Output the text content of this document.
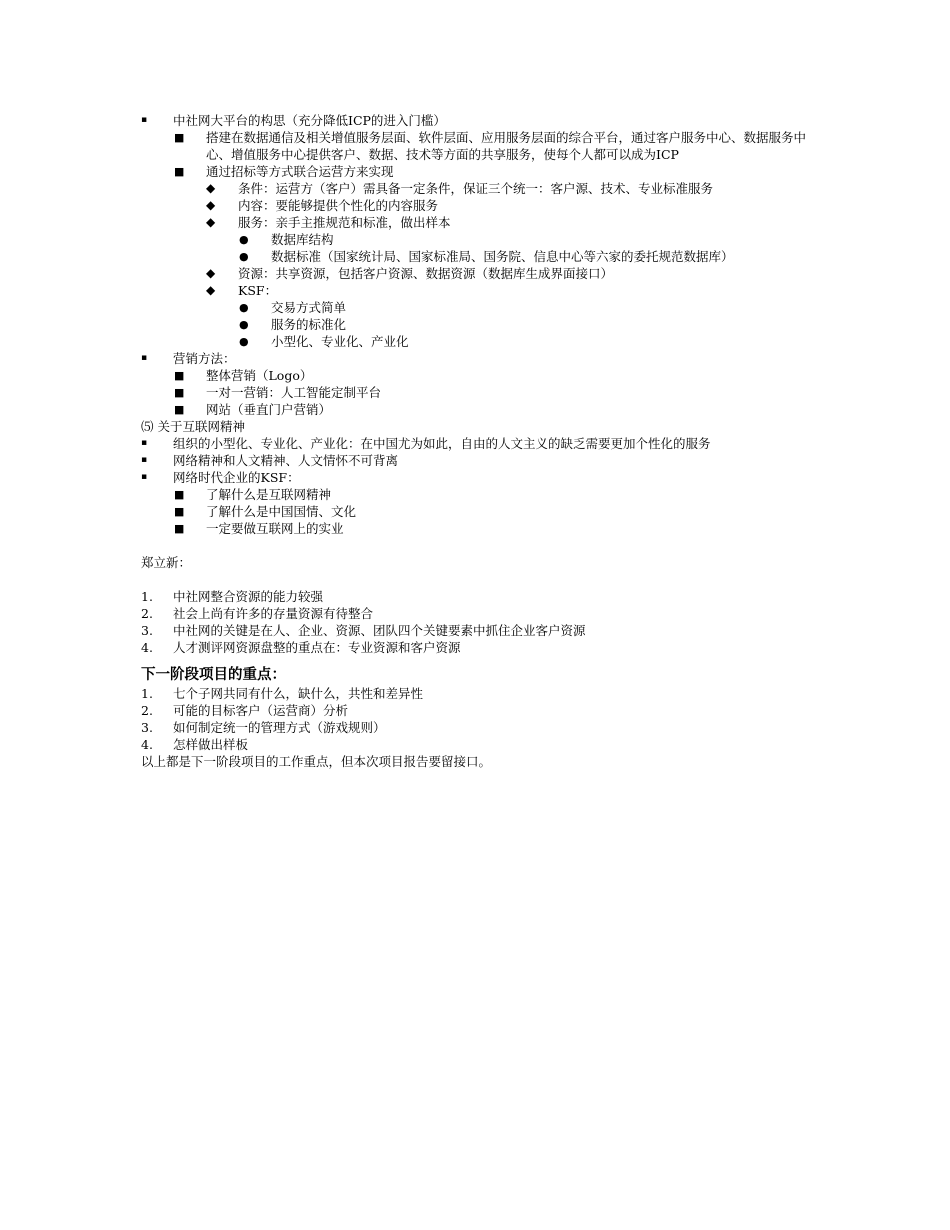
▪	中社网大平台的构思（充分降低ICP的进入门槛）
■	搭建在数据通信及相关增值服务层面、软件层面、应用服务层面的综合平台，通过客户服务中心、数据服务中心、增值服务中心提供客户、数据、技术等方面的共享服务，使每个人都可以成为ICP
■	通过招标等方式联合运营方来实现
◆	条件：运营方（客户）需具备一定条件，保证三个统一：客户源、技术、专业标准服务
◆	内容：要能够提供个性化的内容服务
◆	服务：亲手主推规范和标准，做出样本
●	数据库结构
●	数据标准（国家统计局、国家标准局、国务院、信息中心等六家的委托规范数据库）
◆	资源：共享资源，包括客户资源、数据资源（数据库生成界面接口）
◆	KSF：
●	交易方式简单
●	服务的标准化
●	小型化、专业化、产业化
▪	营销方法：
■	整体营销（Logo）
■	一对一营销：人工智能定制平台
■	网站（垂直门户营销）
⑸ 关于互联网精神
▪	组织的小型化、专业化、产业化：在中国尤为如此，自由的人文主义的缺乏需要更加个性化的服务
▪	网络精神和人文精神、人文情怀不可背离
▪	网络时代企业的KSF：
■	了解什么是互联网精神
■	了解什么是中国国情、文化
■	一定要做互联网上的实业
郑立新：
1.	中社网整合资源的能力较强
2.	社会上尚有许多的存量资源有待整合
3.	中社网的关键是在人、企业、资源、团队四个关键要素中抓住企业客户资源
4.	人才测评网资源盘整的重点在：专业资源和客户资源
下一阶段项目的重点：
1.	七个子网共同有什么，缺什么，共性和差异性
2.	可能的目标客户（运营商）分析
3.	如何制定统一的管理方式（游戏规则）
4.	怎样做出样板
以上都是下一阶段项目的工作重点，但本次项目报告要留接口。
